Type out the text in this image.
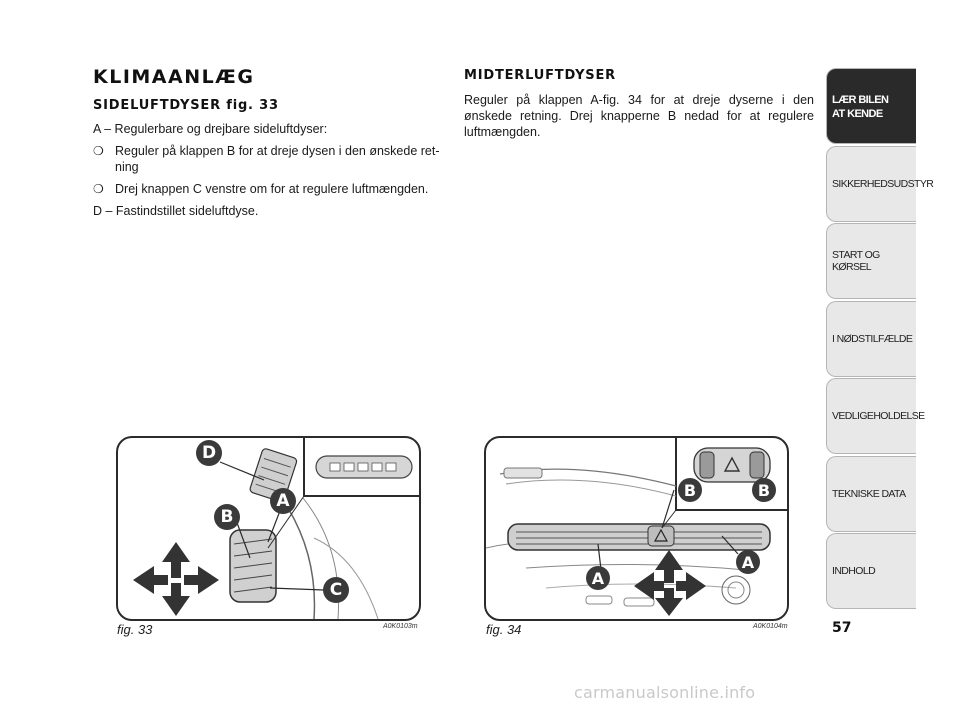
KLIMAANLÆG
SIDELUFTDYSER fig. 33

A – Regulerbare og drejbare sideluftdyser:

❍ Reguler på klappen B for at dreje dysen i den ønskede ret-ning
❍ Drej knappen C venstre om for at regulere luftmængden.

D – Fastindstillet sideluftdyse.

MIDTERLUFTDYSER

Reguler på klappen A-fig. 34 for at dreje dyserne i den ønskede retning. Drej knapperne B nedad for at regulere luftmængden.

D
A
B
C
fig. 33	A0K0103m
B	B
A
A
fig. 34	A0K0104m
LÆR BILEN AT KENDE
SIKKERHEDSUDSTYR
START OG KØRSEL
I NØDSTILFÆLDE
VEDLIGEHOLDELSE
TEKNISKE DATA
INDHOLD
57
carmanualsonline.info
